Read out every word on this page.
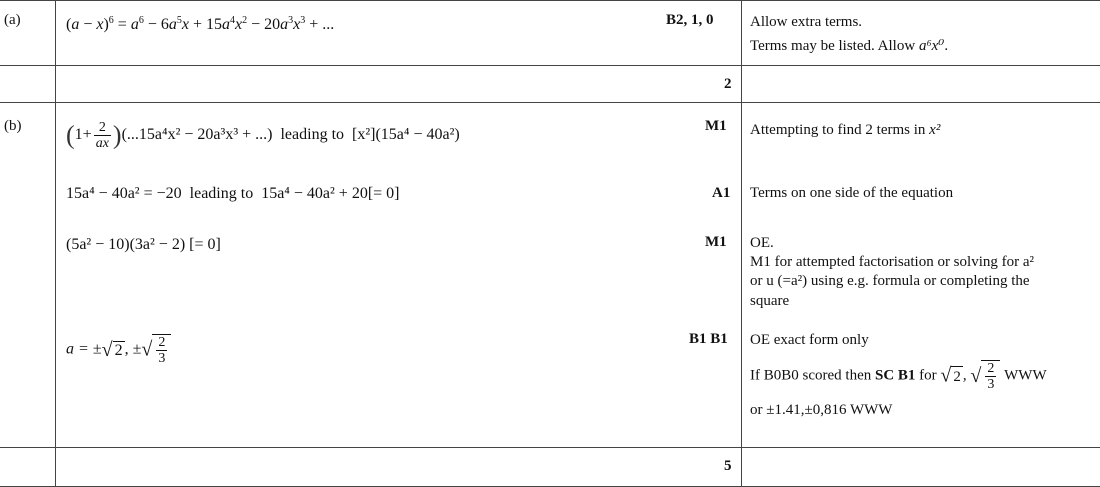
(a)	$(a - x)^6 = a^6 - 6a^5x + 15a^4x^2 - 20a^3x^3$ + ...	B2, 1, 0 Allow extra terms.
Terms may be listed. Allow a⁶x⁰.
2
(b) $(1+ \frac{2}{ax} )(...15a^4x^2 - 20a^3x^3$ + ...) leading to [x²](15a⁴ − 40a²)
M1 Attempting to find 2 terms in x²
15a⁴ − 40a² = −20 leading to 15a⁴ − 40a² + 20[= 0]	A1 Terms on one side of the equation
(5a² − 10)(3a² − 2) [= 0]	M1 OE.
M1 for attempted factorisation or solving for a²
or u (=a²) using e.g. formula or completing the
square
a = ±√ 2 , ±√ $\frac{2}{3}$	B1 B1 OE exact form only
If B0B0 scored then SC B1 for √ 2 , √ $\frac{2}{3}$ WWW
or ±1.41,±0,816 WWW
5
